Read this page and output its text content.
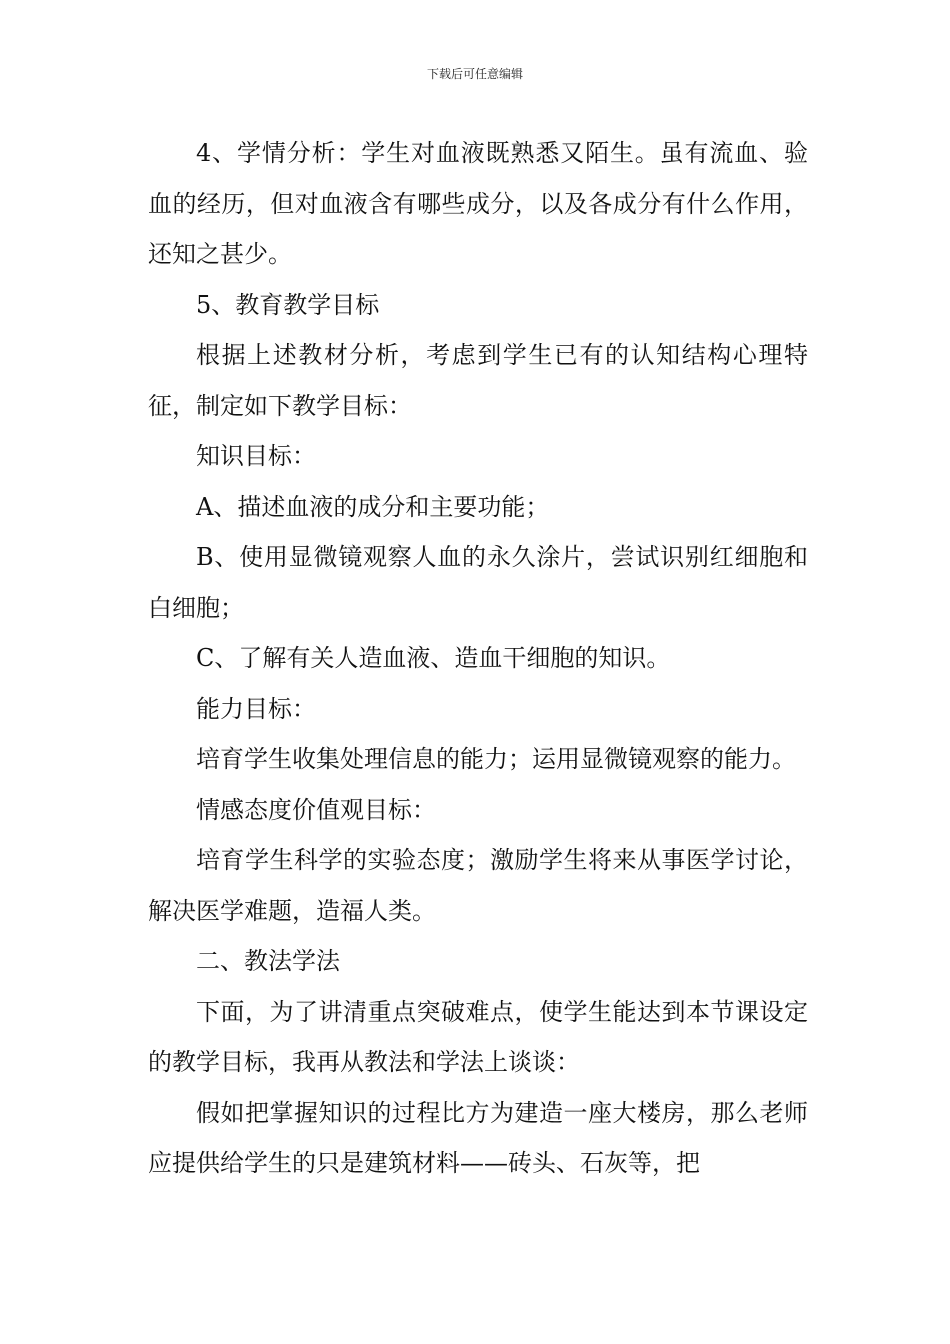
下载后可任意编辑

4、学情分析：学生对血液既熟悉又陌生。虽有流血、验血的经历，但对血液含有哪些成分，以及各成分有什么作用，还知之甚少。

5、教育教学目标

根据上述教材分析，考虑到学生已有的认知结构心理特征，制定如下教学目标：

知识目标：

A、描述血液的成分和主要功能；

B、使用显微镜观察人血的永久涂片，尝试识别红细胞和白细胞；

C、了解有关人造血液、造血干细胞的知识。

能力目标：

培育学生收集处理信息的能力；运用显微镜观察的能力。

情感态度价值观目标：

培育学生科学的实验态度；激励学生将来从事医学讨论，解决医学难题，造福人类。

二、教法学法

下面，为了讲清重点突破难点，使学生能达到本节课设定的教学目标，我再从教法和学法上谈谈：

假如把掌握知识的过程比方为建造一座大楼房，那么老师应提供给学生的只是建筑材料——砖头、石灰等，把
